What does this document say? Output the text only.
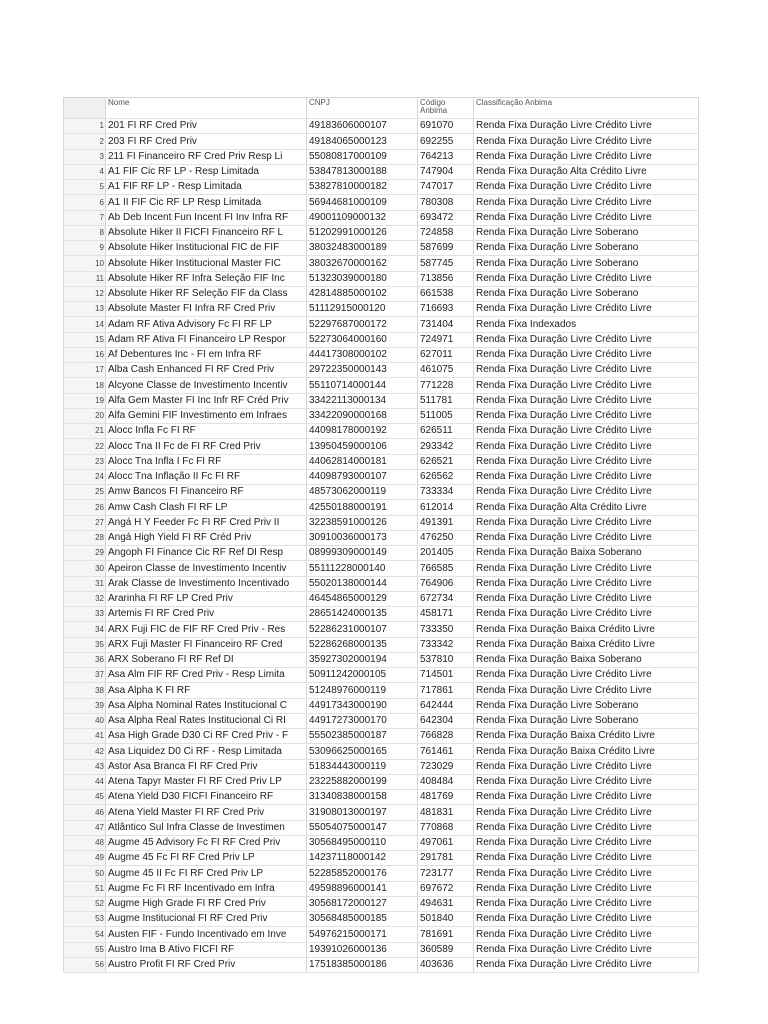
	Nome	CNPJ	Código Anbima	Classificação Anbima
1	201 FI RF Cred Priv	49183606000107	691070	Renda Fixa Duração Livre Crédito Livre
2	203 FI RF Cred Priv	49184065000123	692255	Renda Fixa Duração Livre Crédito Livre
3	211 FI Financeiro RF Cred Priv Resp Li	55080817000109	764213	Renda Fixa Duração Livre Crédito Livre
4	A1 FIF Cic RF LP - Resp Limitada	53847813000188	747904	Renda Fixa Duração Alta Crédito Livre
5	A1 FIF RF LP - Resp Limitada	53827810000182	747017	Renda Fixa Duração Livre Crédito Livre
6	A1 II FIF Cic RF LP Resp Limitada	56944681000109	780308	Renda Fixa Duração Livre Crédito Livre
7	Ab Deb Incent Fun Incent FI Inv Infra RF	49001109000132	693472	Renda Fixa Duração Livre Crédito Livre
8	Absolute Hiker II FICFI Financeiro RF L	51202991000126	724858	Renda Fixa Duração Livre Soberano
9	Absolute Hiker Institucional FIC de FIF	38032483000189	587699	Renda Fixa Duração Livre Soberano
10	Absolute Hiker Institucional Master FIC	38032670000162	587745	Renda Fixa Duração Livre Soberano
11	Absolute Hiker RF Infra Seleção FIF Inc	51323039000180	713856	Renda Fixa Duração Livre Crédito Livre
12	Absolute Hiker RF Seleção FIF da Class	42814885000102	661538	Renda Fixa Duração Livre Soberano
13	Absolute Master FI Infra RF Cred Priv	51112915000120	716693	Renda Fixa Duração Livre Crédito Livre
14	Adam RF Ativa Advisory Fc FI RF LP	52297687000172	731404	Renda Fixa Indexados
15	Adam RF Ativa FI Financeiro LP Respor	52273064000160	724971	Renda Fixa Duração Livre Crédito Livre
16	Af Debentures Inc - FI em Infra RF	44417308000102	627011	Renda Fixa Duração Livre Crédito Livre
17	Alba Cash Enhanced FI RF Cred Priv	29722350000143	461075	Renda Fixa Duração Livre Crédito Livre
18	Alcyone Classe de Investimento Incentiv	55110714000144	771228	Renda Fixa Duração Livre Crédito Livre
19	Alfa Gem Master FI Inc Infr RF Créd Priv	33422113000134	511781	Renda Fixa Duração Livre Crédito Livre
20	Alfa Gemini FIF Investimento em Infraes	33422090000168	511005	Renda Fixa Duração Livre Crédito Livre
21	Alocc Infla Fc FI RF	44098178000192	626511	Renda Fixa Duração Livre Crédito Livre
22	Alocc Tna II Fc de FI RF Cred Priv	13950459000106	293342	Renda Fixa Duração Livre Crédito Livre
23	Alocc Tna Infla I Fc FI RF	44062814000181	626521	Renda Fixa Duração Livre Crédito Livre
24	Alocc Tna Inflação II Fc FI RF	44098793000107	626562	Renda Fixa Duração Livre Crédito Livre
25	Amw Bancos FI Financeiro RF	48573062000119	733334	Renda Fixa Duração Livre Crédito Livre
26	Amw Cash Clash FI RF LP	42550188000191	612014	Renda Fixa Duração Alta Crédito Livre
27	Angá H Y Feeder Fc FI RF Cred Priv II	32238591000126	491391	Renda Fixa Duração Livre Crédito Livre
28	Angá High Yield FI RF Créd Priv	30910036000173	476250	Renda Fixa Duração Livre Crédito Livre
29	Angoph FI Finance Cic RF Ref DI Resp	08999309000149	201405	Renda Fixa Duração Baixa Soberano
30	Apeiron Classe de Investimento Incentiv	55111228000140	766585	Renda Fixa Duração Livre Crédito Livre
31	Arak Classe de Investimento Incentivado	55020138000144	764906	Renda Fixa Duração Livre Crédito Livre
32	Ararinha FI RF LP Cred Priv	46454865000129	672734	Renda Fixa Duração Livre Crédito Livre
33	Artemis FI RF Cred Priv	28651424000135	458171	Renda Fixa Duração Livre Crédito Livre
34	ARX Fuji FIC de FIF RF Cred Priv - Res	52286231000107	733350	Renda Fixa Duração Baixa Crédito Livre
35	ARX Fuji Master FI Financeiro RF Cred	52286268000135	733342	Renda Fixa Duração Baixa Crédito Livre
36	ARX Soberano FI RF Ref DI	35927302000194	537810	Renda Fixa Duração Baixa Soberano
37	Asa Alm FIF RF Cred Priv - Resp Limita	50911242000105	714501	Renda Fixa Duração Livre Crédito Livre
38	Asa Alpha K FI RF	51248976000119	717861	Renda Fixa Duração Livre Crédito Livre
39	Asa Alpha Nominal Rates Institucional C	44917343000190	642444	Renda Fixa Duração Livre Soberano
40	Asa Alpha Real Rates Institucional Ci RI	44917273000170	642304	Renda Fixa Duração Livre Soberano
41	Asa High Grade D30 Ci RF Cred Priv - F	55502385000187	766828	Renda Fixa Duração Baixa Crédito Livre
42	Asa Liquidez D0 Ci RF - Resp Limitada	53096625000165	761461	Renda Fixa Duração Baixa Crédito Livre
43	Astor Asa Branca FI RF Cred Priv	51834443000119	723029	Renda Fixa Duração Livre Crédito Livre
44	Atena Tapyr Master FI RF Cred Priv LP	23225882000199	408484	Renda Fixa Duração Livre Crédito Livre
45	Atena Yield D30 FICFI Financeiro RF	31340838000158	481769	Renda Fixa Duração Livre Crédito Livre
46	Atena Yield Master FI RF Cred Priv	31908013000197	481831	Renda Fixa Duração Livre Crédito Livre
47	Atlântico Sul Infra Classe de Investimen	55054075000147	770868	Renda Fixa Duração Livre Crédito Livre
48	Augme 45 Advisory Fc FI RF Cred Priv	30568495000110	497061	Renda Fixa Duração Livre Crédito Livre
49	Augme 45 Fc FI RF Cred Priv LP	14237118000142	291781	Renda Fixa Duração Livre Crédito Livre
50	Augme 45 II Fc FI RF Cred Priv LP	52285852000176	723177	Renda Fixa Duração Livre Crédito Livre
51	Augme Fc FI RF Incentivado em Infra	49598896000141	697672	Renda Fixa Duração Livre Crédito Livre
52	Augme High Grade FI RF Cred Priv	30568172000127	494631	Renda Fixa Duração Livre Crédito Livre
53	Augme Institucional FI RF Cred Priv	30568485000185	501840	Renda Fixa Duração Livre Crédito Livre
54	Austen FIF - Fundo Incentivado em Inve	54976215000171	781691	Renda Fixa Duração Livre Crédito Livre
55	Austro Ima B Ativo FICFI RF	19391026000136	360589	Renda Fixa Duração Livre Crédito Livre
56	Austro Profit FI RF Cred Priv	17518385000186	403636	Renda Fixa Duração Livre Crédito Livre
